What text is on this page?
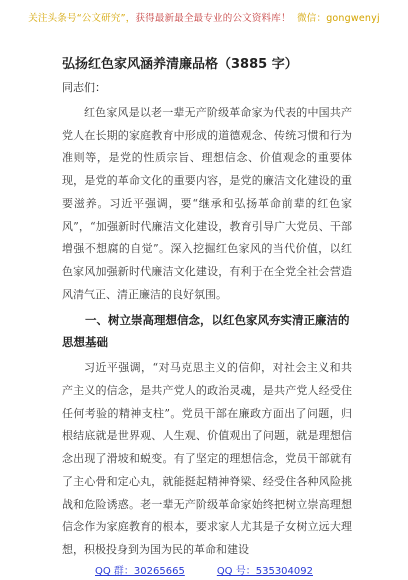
关注头条号“公文研究”，获得最新最全最专业的公文资料库！ 微信：gongwenyj
弘扬红色家风涵养清廉品格（3885 字）
同志们：

红色家风是以老一辈无产阶级革命家为代表的中国共产党人在长期的家庭教育中形成的道德观念、传统习惯和行为准则等，是党的性质宗旨、理想信念、价值观念的重要体现，是党的革命文化的重要内容，是党的廉洁文化建设的重要滋养。习近平强调，要“继承和弘扬革命前辈的红色家风”，“加强新时代廉洁文化建设，教育引导广大党员、干部增强不想腐的自觉”。深入挖掘红色家风的当代价值，以红色家风加强新时代廉洁文化建设，有利于在全党全社会营造风清气正、清正廉洁的良好氛围。

一、树立崇高理想信念，以红色家风夯实清正廉洁的思想基础

习近平强调，“对马克思主义的信仰，对社会主义和共产主义的信念，是共产党人的政治灵魂，是共产党人经受住任何考验的精神支柱”。党员干部在廉政方面出了问题，归根结底就是世界观、人生观、价值观出了问题，就是理想信念出现了滑坡和蜕变。有了坚定的理想信念，党员干部就有了主心骨和定心丸，就能挺起精神脊梁、经受住各种风险挑战和危险诱惑。老一辈无产阶级革命家始终把树立崇高理想信念作为家庭教育的根本，要求家人尤其是子女树立远大理想，积极投身到为国为民的革命和建设

QQ 群：30265665	QQ 号：535304092
